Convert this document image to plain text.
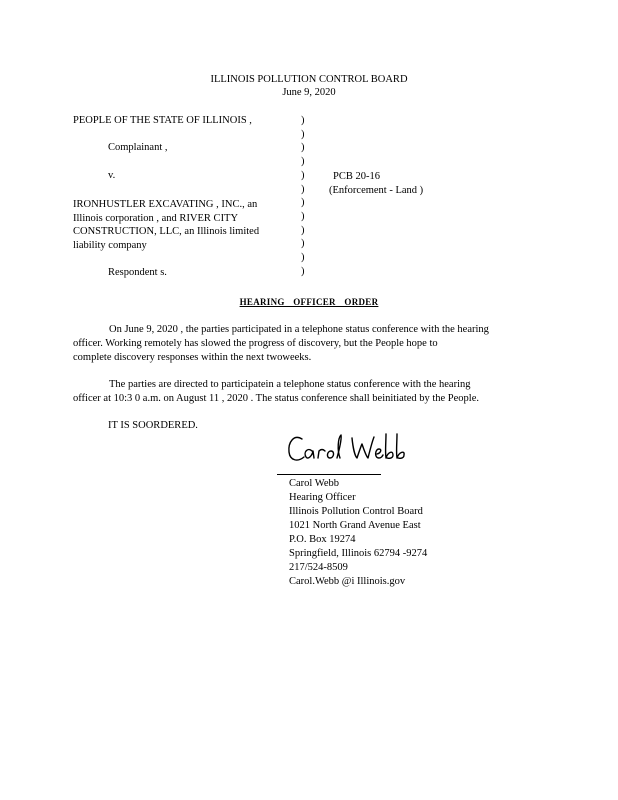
ILLINOIS POLLUTION CONTROL BOARD
June 9, 2020
PEOPLE OF THE STATE OF ILLINOIS ,
Complainant ,
v.
IRONHUSTLER EXCAVATING , INC., an
Illinois corporation , and RIVER CITY
CONSTRUCTION, LLC, an Illinois limited
liability company
Respondent s.
)
)
)
)
)
)
)
)
)
)
)
)
PCB 20-16
(Enforcement - Land )
HEARING OFFICER ORDER
On June 9, 2020 , the parties participated in a telephone status conference with the hearing
officer. Working remotely has slowed the progress of discovery, but the People hope to
complete discovery responses within the next twoweeks.
The parties are directed to participatein a telephone status conference with the hearing
officer at 10:3 0 a.m. on August 11 , 2020 . The status conference shall beinitiated by the People.
IT IS SOORDERED.
Carol Webb
Hearing Officer
Illinois Pollution Control Board
1021 North Grand Avenue East
P.O. Box 19274
Springfield, Illinois 62794 -9274
217/524-8509
Carol.Webb @i Illinois.gov
